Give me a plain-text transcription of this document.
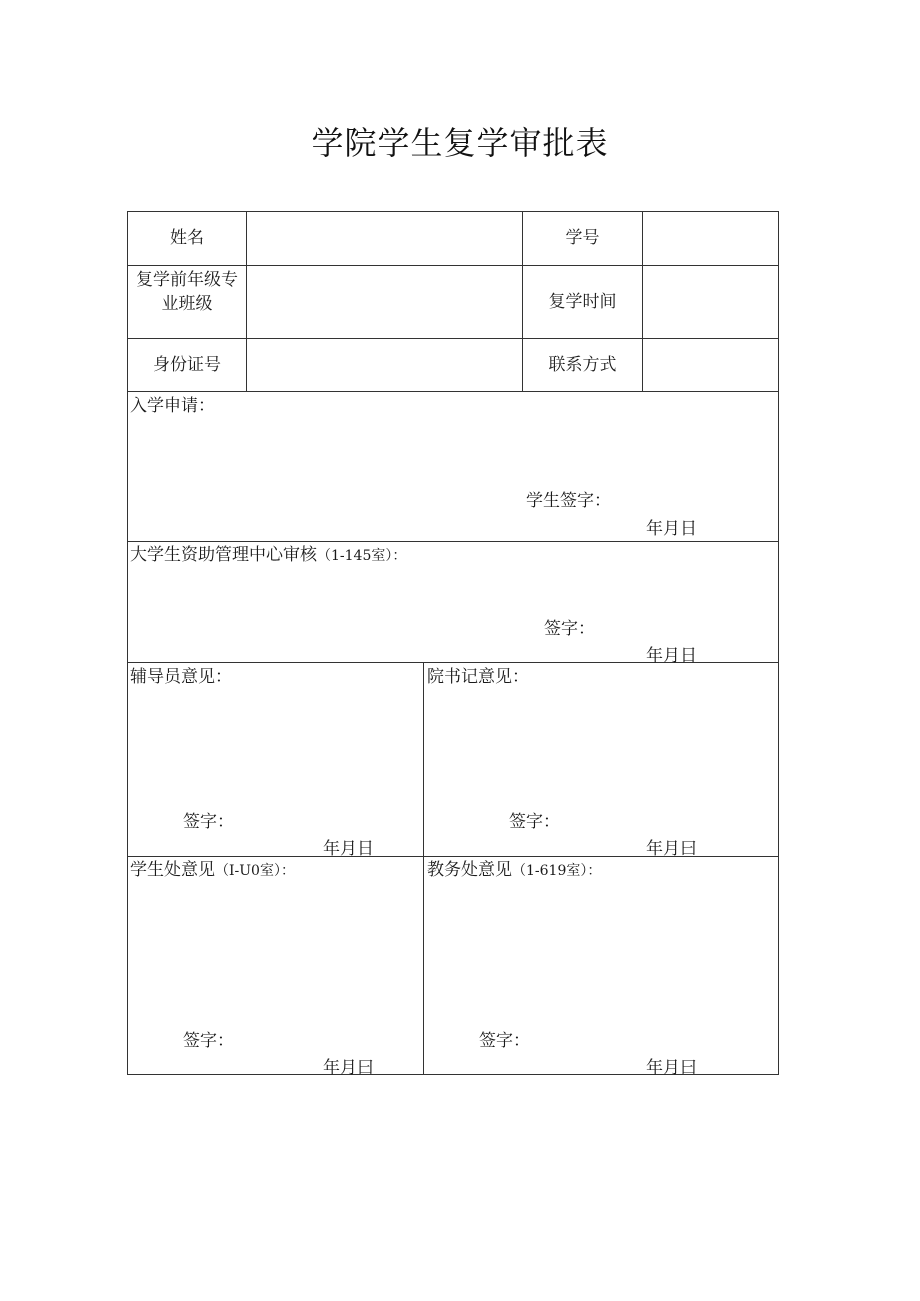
学院学生复学审批表
姓名	学号
复学前年级专
业班级	复学时间
身份证号	联系方式
入学申请：
学生签字：
年月日
大学生资助管理中心审核（1-145室）：
签字：
年月日
辅导员意见：
签字：
年月日
院书记意见：
签字：
年月曰
学生处意见（I-U0室）：
签字：
年月曰
教务处意见（1-619室）：
签字：
年月曰
